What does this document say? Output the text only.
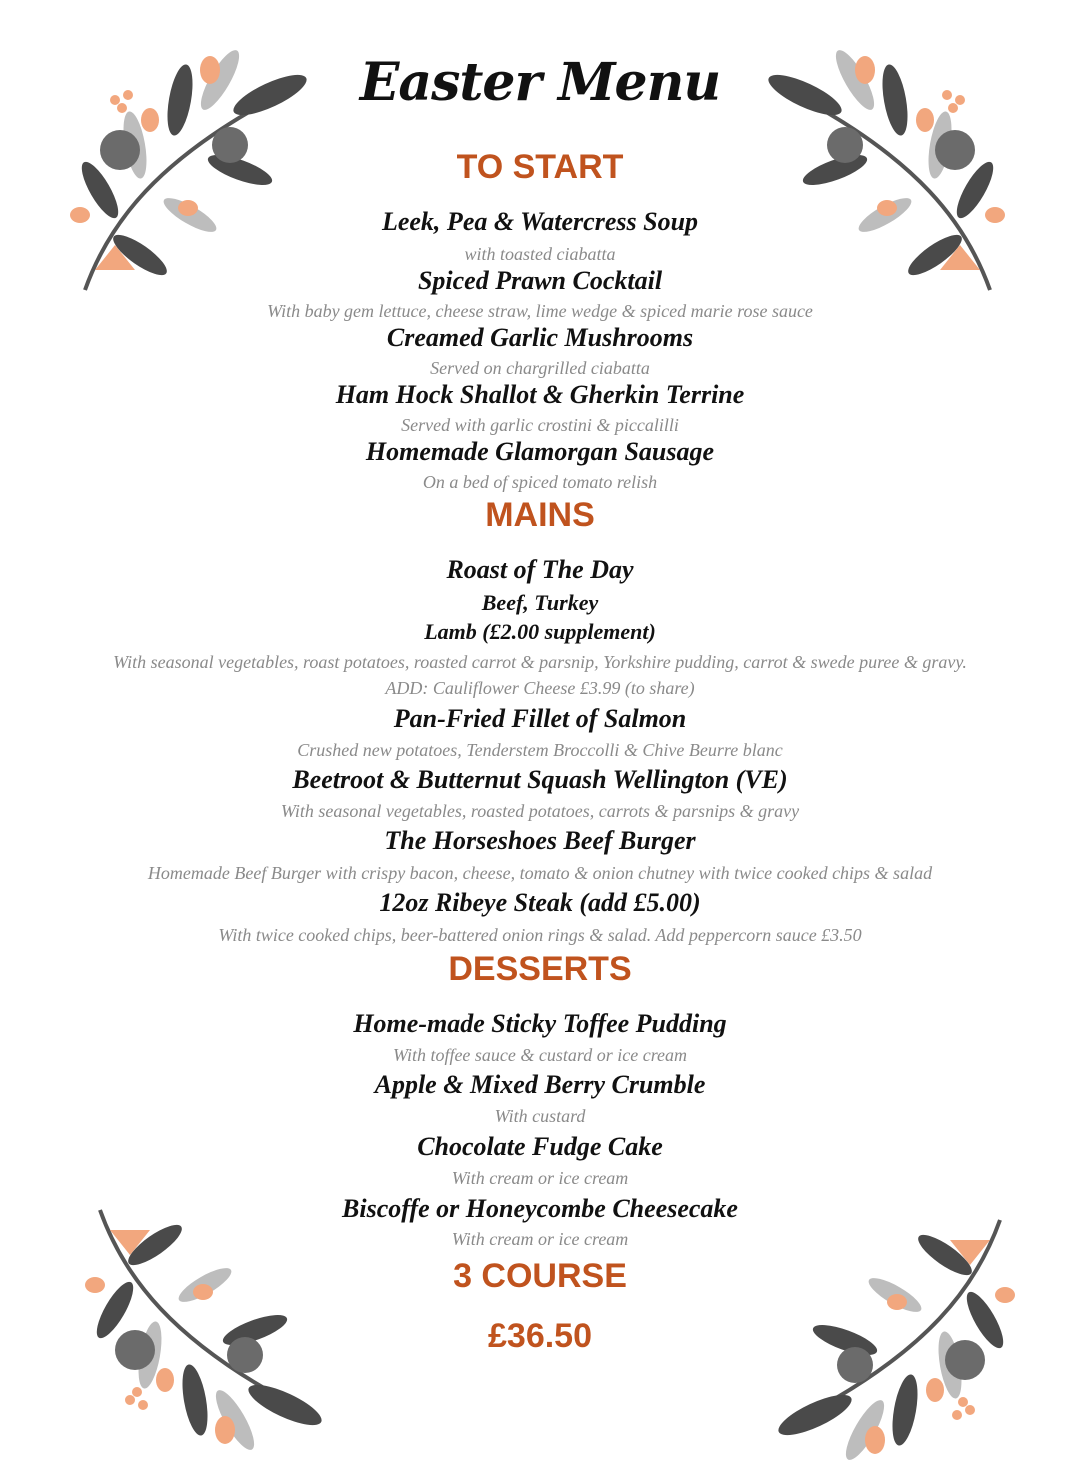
Easter Menu
TO START
Leek, Pea & Watercress Soup
with toasted ciabatta
Spiced Prawn Cocktail
With baby gem lettuce, cheese straw, lime wedge & spiced marie rose sauce
Creamed Garlic Mushrooms
Served on chargrilled ciabatta
Ham Hock Shallot & Gherkin Terrine
Served with garlic crostini & piccalilli
Homemade Glamorgan Sausage
On a bed of spiced tomato relish
MAINS
Roast of The Day
Beef, Turkey
Lamb (£2.00 supplement)
With seasonal vegetables, roast potatoes, roasted carrot & parsnip, Yorkshire pudding, carrot & swede puree & gravy.
ADD: Cauliflower Cheese £3.99 (to share)
Pan-Fried Fillet of Salmon
Crushed new potatoes, Tenderstem Broccolli & Chive Beurre blanc
Beetroot & Butternut Squash Wellington (VE)
With seasonal vegetables, roasted potatoes, carrots & parsnips & gravy
The Horseshoes Beef Burger
Homemade Beef Burger with crispy bacon, cheese, tomato & onion chutney with twice cooked chips & salad
12oz Ribeye Steak (add £5.00)
With twice cooked chips, beer-battered onion rings & salad. Add peppercorn sauce £3.50
DESSERTS
Home-made Sticky Toffee Pudding
With toffee sauce & custard or ice cream
Apple & Mixed Berry Crumble
With custard
Chocolate Fudge Cake
With cream or ice cream
Biscoffe or Honeycombe Cheesecake
With cream or ice cream
3 COURSE
£36.50
